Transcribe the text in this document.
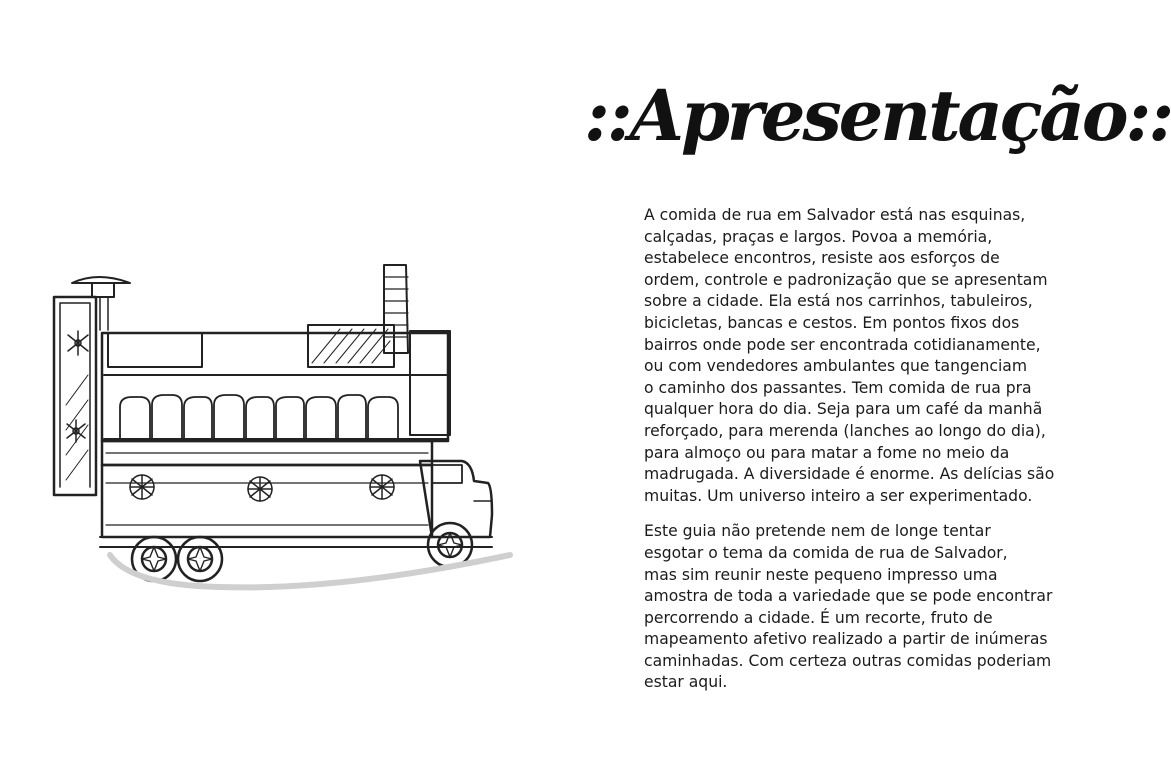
::Apresentação::

A comida de rua em Salvador está nas esquinas,
calçadas, praças e largos. Povoa a memória,
estabelece encontros, resiste aos esforços de
ordem, controle e padronização que se apresentam
sobre a cidade. Ela está nos carrinhos, tabuleiros,
bicicletas, bancas e cestos. Em pontos fixos dos
bairros onde pode ser encontrada cotidianamente,
ou com vendedores ambulantes que tangenciam
o caminho dos passantes. Tem comida de rua pra
qualquer hora do dia. Seja para um café da manhã
reforçado, para merenda (lanches ao longo do dia),
para almoço ou para matar a fome no meio da
madrugada. A diversidade é enorme. As delícias são
muitas. Um universo inteiro a ser experimentado.

Este guia não pretende nem de longe tentar
esgotar o tema da comida de rua de Salvador,
mas sim reunir neste pequeno impresso uma
amostra de toda a variedade que se pode encontrar
percorrendo a cidade. É um recorte, fruto de
mapeamento afetivo realizado a partir de inúmeras
caminhadas. Com certeza outras comidas poderiam
estar aqui.
